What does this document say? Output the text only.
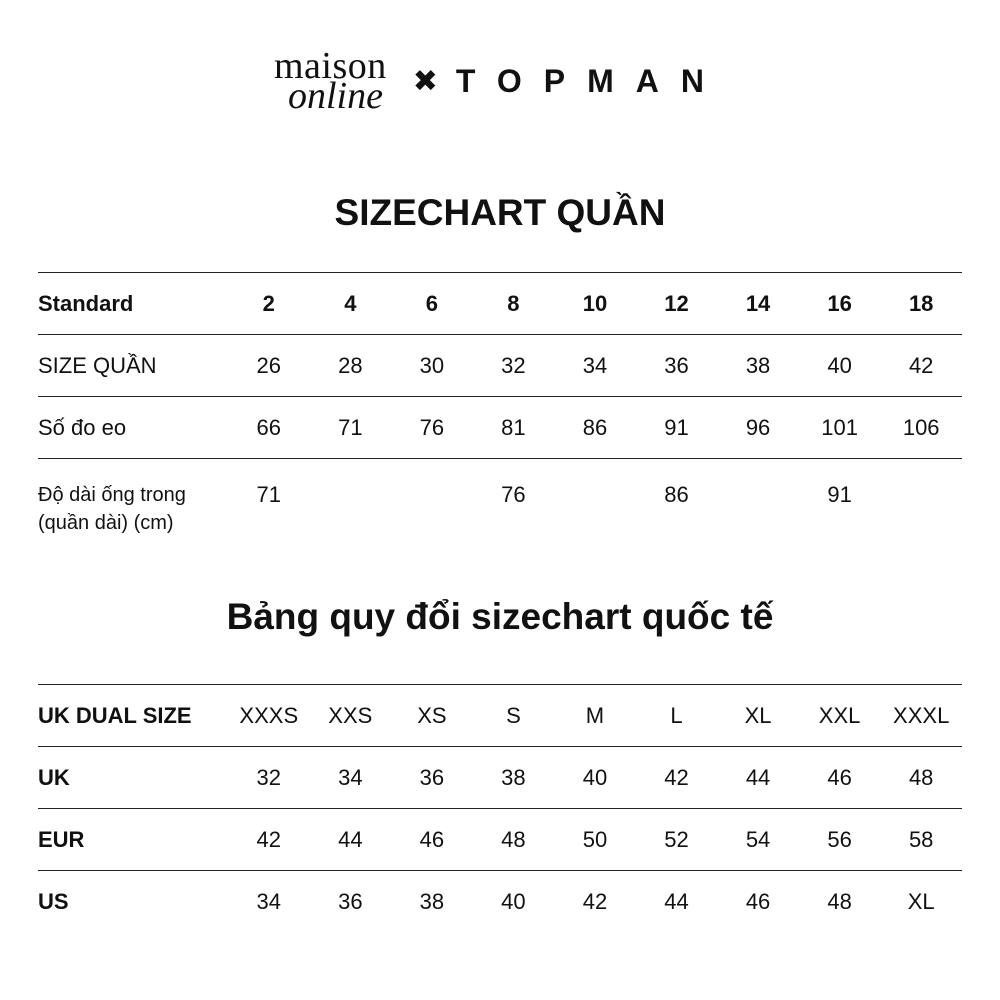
maison
online ✖ TOPMAN
SIZECHART QUẦN
Standard	2	4	6	8	10	12	14	16	18
SIZE QUẦN	26	28	30	32	34	36	38	40	42
Số đo eo	66	71	76	81	86	91	96	101	106
Độ dài ống trong
(quần dài) (cm)	71			76		86		91	
Bảng quy đổi sizechart quốc tế
UK DUAL SIZE	XXXS	XXS	XS	S	M	L	XL	XXL	XXXL
UK	32	34	36	38	40	42	44	46	48
EUR	42	44	46	48	50	52	54	56	58
US	34	36	38	40	42	44	46	48	XL
